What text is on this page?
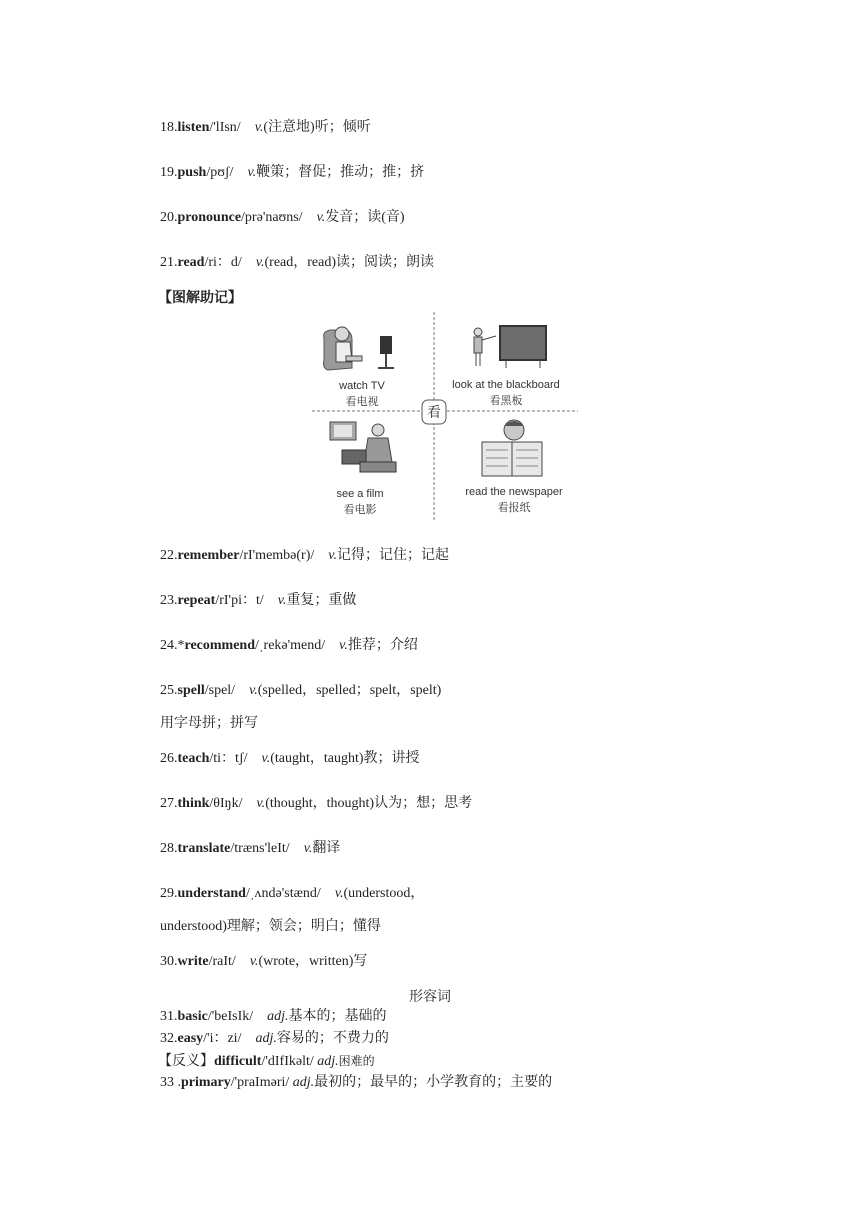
18.listen/'lIsn/ v.(注意地)听；倾听
19.push/pʊʃ/ v.鞭策；督促；推动；推；挤
20.pronounce/prə'naʊns/ v.发音；读(音)
21.read/ri：d/ v.(read，read)读；阅读；朗读
【图解助记】
watch TV
看电视
look at the blackboard
看黑板
看
see a film
看电影
read the newspaper
看报纸
22.remember/rI'membə(r)/ v.记得；记住；记起
23.repeat/rI'pi：t/ v.重复；重做
24.*recommend/ˌrekə'mend/ v.推荐；介绍
25.spell/spel/ v.(spelled，spelled；spelt，spelt)
用字母拼；拼写
26.teach/ti：tʃ/ v.(taught，taught)教；讲授
27.think/θIŋk/ v.(thought，thought)认为；想；思考
28.translate/træns'leIt/ v.翻译
29.understand/ˌʌndə'stænd/ v.(understood，
understood)理解；领会；明白；懂得
30.write/raIt/ v.(wrote，written)写
形容词
31.basic/'beIsIk/ adj.基本的；基础的
32.easy/'i：zi/ adj.容易的；不费力的
【反义】difficult/'dIfIkəlt/ adj.困难的
33 .primary/'praImәri/ adj.最初的；最早的；小学教育的；主要的
